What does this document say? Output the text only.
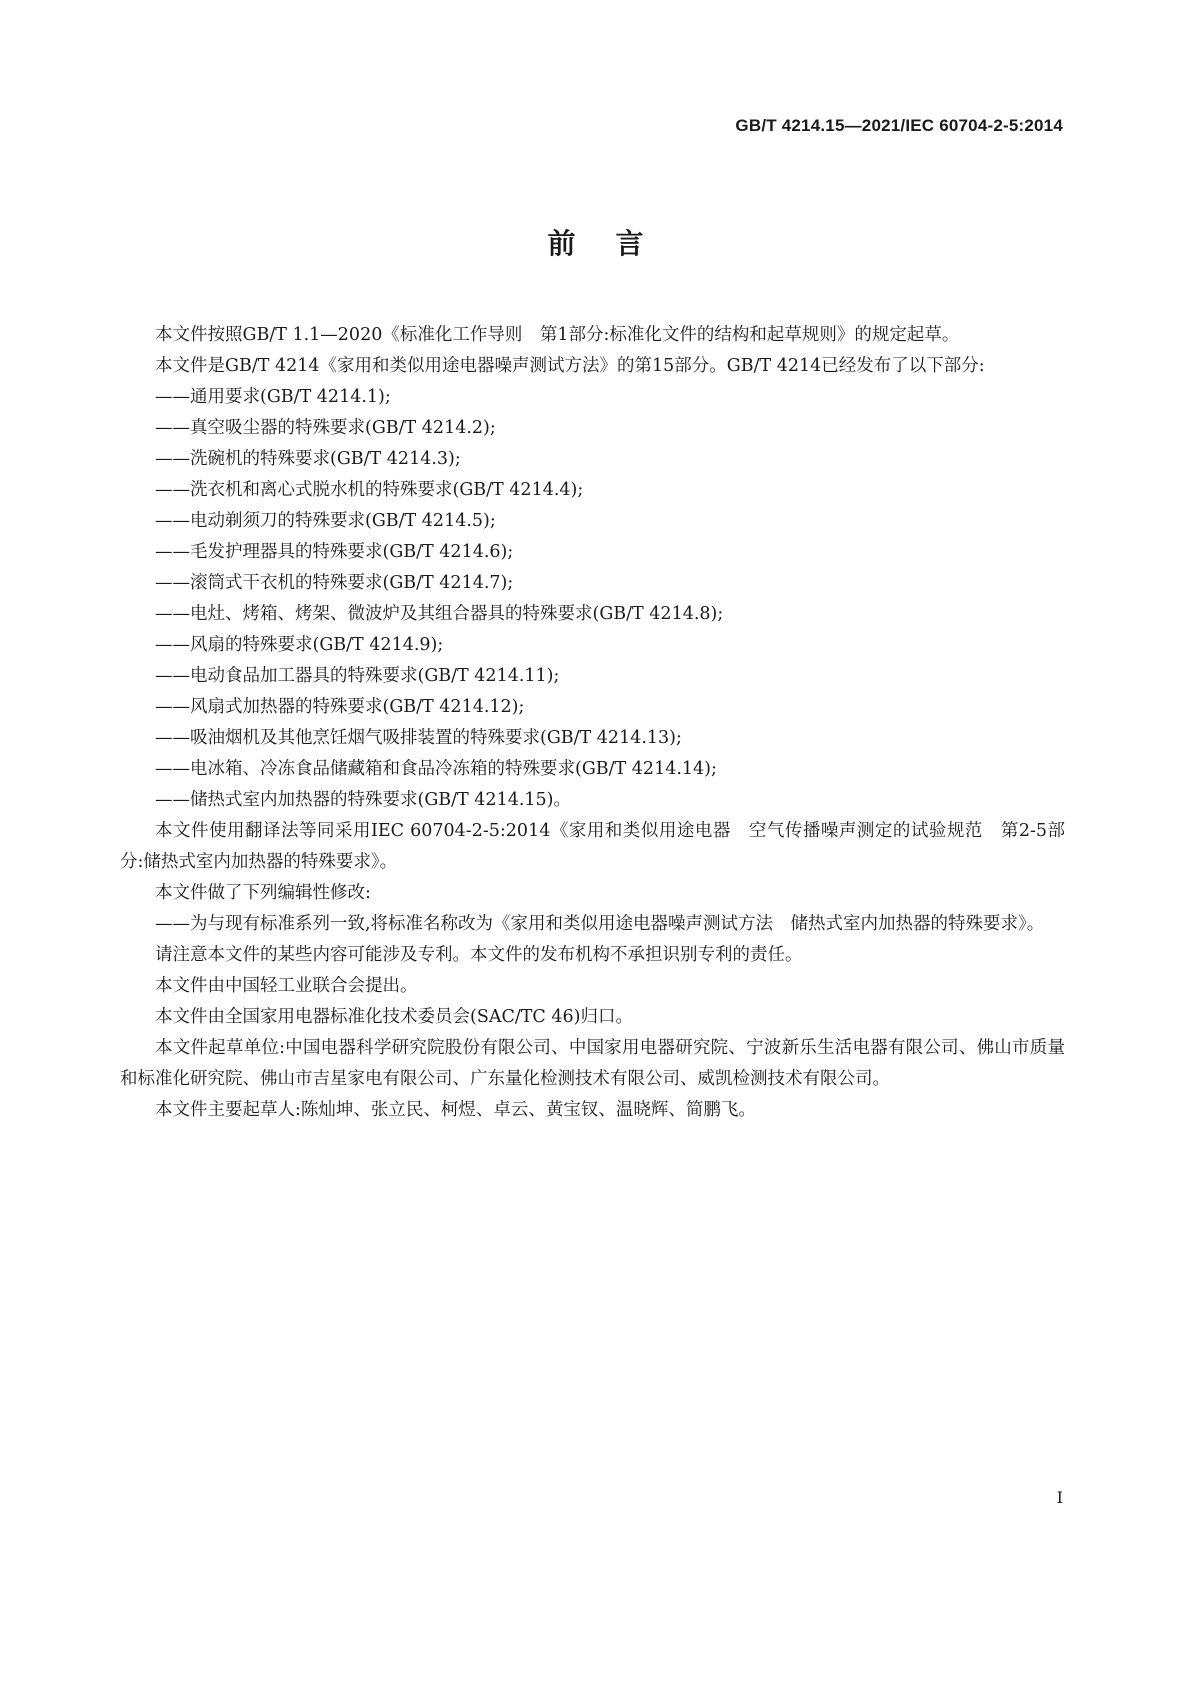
GB/T 4214.15—2021/IEC 60704-2-5:2014
前言

本文件按照GB/T 1.1—2020《标准化工作导则　第1部分:标准化文件的结构和起草规则》的规定起草。

本文件是GB/T 4214《家用和类似用途电器噪声测试方法》的第15部分。GB/T 4214已经发布了以下部分:

——通用要求(GB/T 4214.1);

——真空吸尘器的特殊要求(GB/T 4214.2);

——洗碗机的特殊要求(GB/T 4214.3);

——洗衣机和离心式脱水机的特殊要求(GB/T 4214.4);

——电动剃须刀的特殊要求(GB/T 4214.5);

——毛发护理器具的特殊要求(GB/T 4214.6);

——滚筒式干衣机的特殊要求(GB/T 4214.7);

——电灶、烤箱、烤架、微波炉及其组合器具的特殊要求(GB/T 4214.8);

——风扇的特殊要求(GB/T 4214.9);

——电动食品加工器具的特殊要求(GB/T 4214.11);

——风扇式加热器的特殊要求(GB/T 4214.12);

——吸油烟机及其他烹饪烟气吸排装置的特殊要求(GB/T 4214.13);

——电冰箱、冷冻食品储藏箱和食品冷冻箱的特殊要求(GB/T 4214.14);

——储热式室内加热器的特殊要求(GB/T 4214.15)。

本文件使用翻译法等同采用IEC 60704-2-5:2014《家用和类似用途电器　空气传播噪声测定的试验规范　第2-5部分:储热式室内加热器的特殊要求》。

本文件做了下列编辑性修改:

——为与现有标准系列一致,将标准名称改为《家用和类似用途电器噪声测试方法　储热式室内加热器的特殊要求》。

请注意本文件的某些内容可能涉及专利。本文件的发布机构不承担识别专利的责任。

本文件由中国轻工业联合会提出。

本文件由全国家用电器标准化技术委员会(SAC/TC 46)归口。

本文件起草单位:中国电器科学研究院股份有限公司、中国家用电器研究院、宁波新乐生活电器有限公司、佛山市质量和标准化研究院、佛山市吉星家电有限公司、广东量化检测技术有限公司、威凯检测技术有限公司。

本文件主要起草人:陈灿坤、张立民、柯煜、卓云、黄宝钗、温晓辉、简鹏飞。

I
